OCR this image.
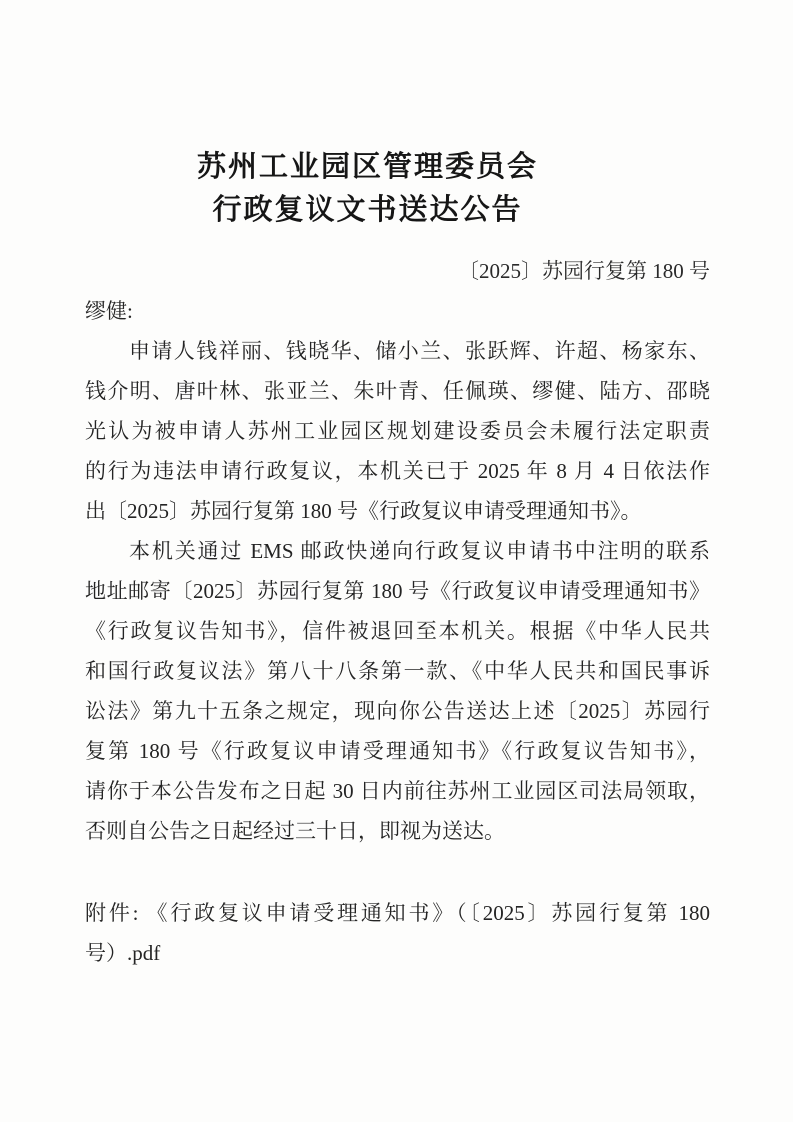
苏州工业园区管理委员会
行政复议文书送达公告
〔2025〕苏园行复第 180 号
缪健:
申请人钱祥丽、钱晓华、储小兰、张跃辉、许超、杨家东、
钱介明、唐叶林、张亚兰、朱叶青、任佩瑛、缪健、陆方、邵晓
光认为被申请人苏州工业园区规划建设委员会未履行法定职责
的行为违法申请行政复议，本机关已于 2025 年 8 月 4 日依法作
出〔2025〕苏园行复第 180 号《行政复议申请受理通知书》。
本机关通过 EMS 邮政快递向行政复议申请书中注明的联系
地址邮寄〔2025〕苏园行复第 180 号《行政复议申请受理通知书》
《行政复议告知书》，信件被退回至本机关。根据《中华人民共
和国行政复议法》第八十八条第一款、《中华人民共和国民事诉
讼法》第九十五条之规定，现向你公告送达上述〔2025〕苏园行
复第 180 号《行政复议申请受理通知书》《行政复议告知书》，
请你于本公告发布之日起 30 日内前往苏州工业园区司法局领取，
否则自公告之日起经过三十日，即视为送达。
附件: 《行政复议申请受理通知书》（〔2025〕苏园行复第 180
号）.pdf
